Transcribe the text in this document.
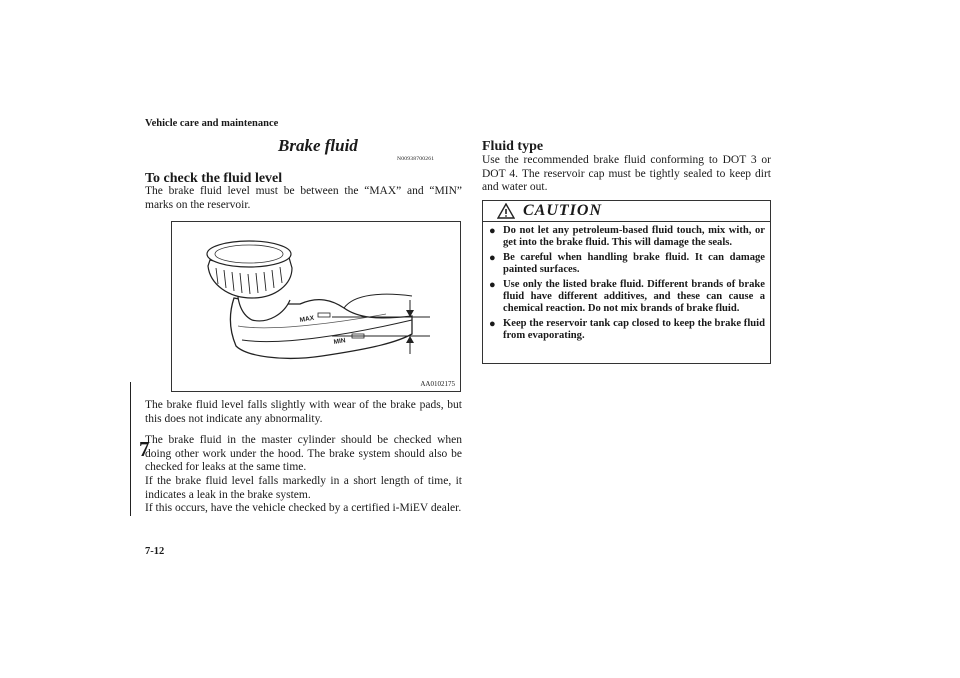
Vehicle care and maintenance
Brake fluid
N00938700261
To check the fluid level
The brake fluid level must be between the “MAX” and “MIN” marks on the reservoir.
MAX
MIN
AA0102175
The brake fluid level falls slightly with wear of the brake pads, but this does not indicate any abnormality.
The brake fluid in the master cylinder should be checked when doing other work under the hood. The brake system should also be checked for leaks at the same time.
If the brake fluid level falls markedly in a short length of time, it indicates a leak in the brake system.
If this occurs, have the vehicle checked by a certified i-MiEV dealer.
7
7-12
Fluid type
Use the recommended brake fluid conforming to DOT 3 or DOT 4. The reservoir cap must be tightly sealed to keep dirt and water out.
CAUTION
● Do not let any petroleum-based fluid touch, mix with, or get into the brake fluid. This will damage the seals.
● Be careful when handling brake fluid. It can damage painted surfaces.
● Use only the listed brake fluid. Different brands of brake fluid have different additives, and these can cause a chemical reaction. Do not mix brands of brake fluid.
● Keep the reservoir tank cap closed to keep the brake fluid from evaporating.
